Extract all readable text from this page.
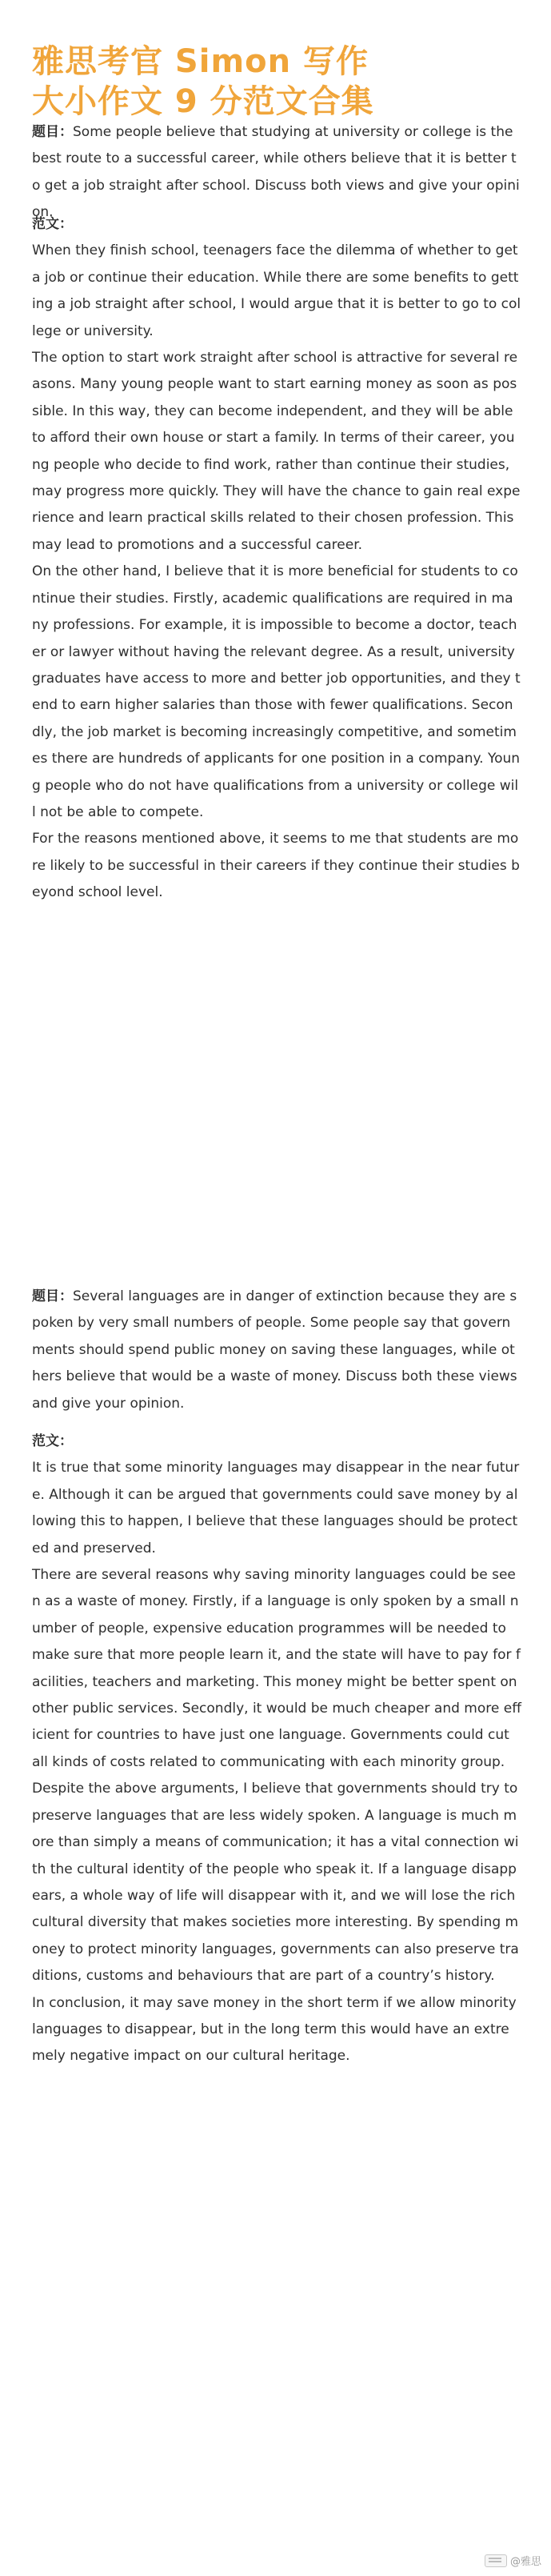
雅思考官 Simon 写作
大小作文 9 分范文合集
题目：Some people believe that studying at university or college is the best route to a successful career, while others believe that it is better to get a job straight after school. Discuss both views and give your opinion.
范文：

When they finish school, teenagers face the dilemma of whether to get a job or continue their education. While there are some benefits to getting a job straight after school, I would argue that it is better to go to college or university.

The option to start work straight after school is attractive for several reasons. Many young people want to start earning money as soon as possible. In this way, they can become independent, and they will be able to afford their own house or start a family. In terms of their career, young people who decide to find work, rather than continue their studies, may progress more quickly. They will have the chance to gain real experience and learn practical skills related to their chosen profession. This may lead to promotions and a successful career.

On the other hand, I believe that it is more beneficial for students to continue their studies. Firstly, academic qualifications are required in many professions. For example, it is impossible to become a doctor, teacher or lawyer without having the relevant degree. As a result, university graduates have access to more and better job opportunities, and they tend to earn higher salaries than those with fewer qualifications. Secondly, the job market is becoming increasingly competitive, and sometimes there are hundreds of applicants for one position in a company. Young people who do not have qualifications from a university or college will not be able to compete.

For the reasons mentioned above, it seems to me that students are more likely to be successful in their careers if they continue their studies beyond school level.

题目：Several languages are in danger of extinction because they are spoken by very small numbers of people. Some people say that governments should spend public money on saving these languages, while others believe that would be a waste of money. Discuss both these views and give your opinion.
范文：

It is true that some minority languages may disappear in the near future. Although it can be argued that governments could save money by allowing this to happen, I believe that these languages should be protected and preserved.

There are several reasons why saving minority languages could be seen as a waste of money. Firstly, if a language is only spoken by a small number of people, expensive education programmes will be needed to make sure that more people learn it, and the state will have to pay for facilities, teachers and marketing. This money might be better spent on other public services. Secondly, it would be much cheaper and more efficient for countries to have just one language. Governments could cut all kinds of costs related to communicating with each minority group.

Despite the above arguments, I believe that governments should try to preserve languages that are less widely spoken. A language is much more than simply a means of communication; it has a vital connection with the cultural identity of the people who speak it. If a language disappears, a whole way of life will disappear with it, and we will lose the rich cultural diversity that makes societies more interesting. By spending money to protect minority languages, governments can also preserve traditions, customs and behaviours that are part of a country’s history.

In conclusion, it may save money in the short term if we allow minority languages to disappear, but in the long term this would have an extremely negative impact on our cultural heritage.

@雅思
